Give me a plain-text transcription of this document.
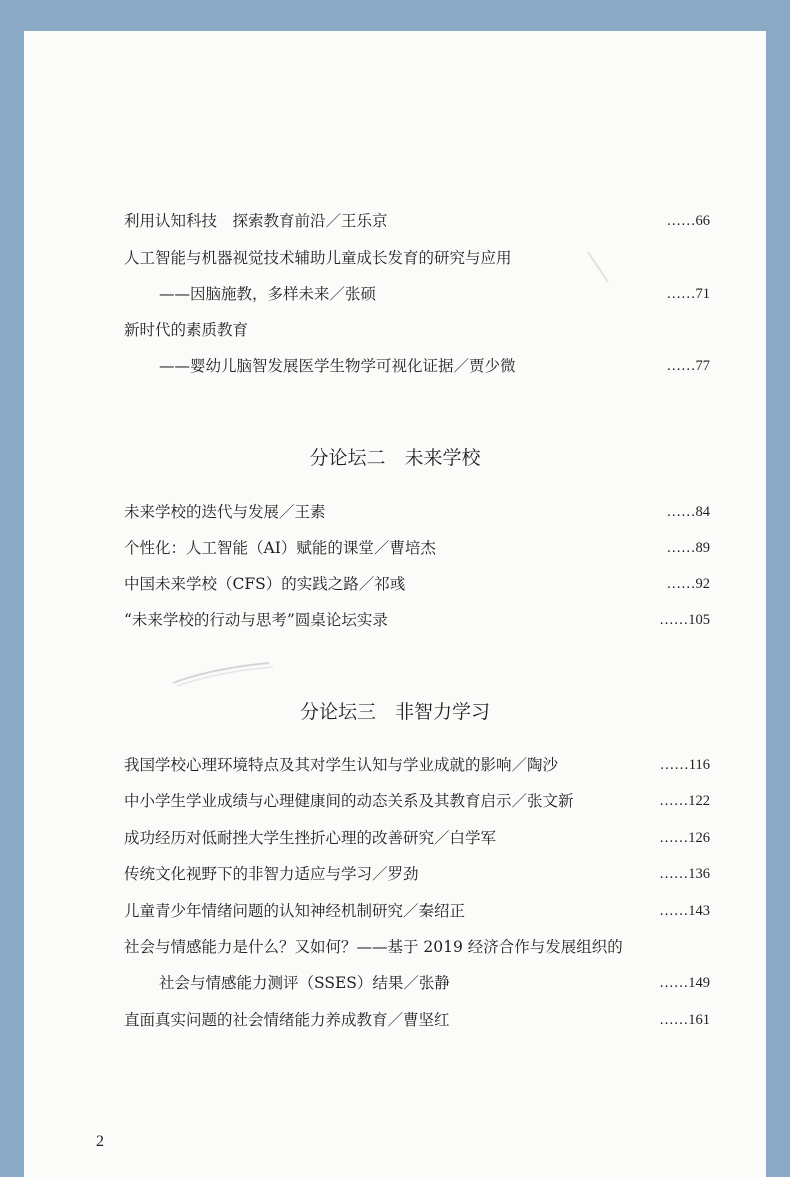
利用认知科技　探索教育前沿／王乐京	……66
人工智能与机器视觉技术辅助儿童成长发育的研究与应用
——因脑施教，多样未来／张硕	……71
新时代的素质教育
——婴幼儿脑智发展医学生物学可视化证据／贾少微	……77
分论坛二　未来学校
未来学校的迭代与发展／王素	……84
个性化：人工智能（AI）赋能的课堂／曹培杰	……89
中国未来学校（CFS）的实践之路／祁彧	……92
“未来学校的行动与思考”圆桌论坛实录	……105
分论坛三　非智力学习
我国学校心理环境特点及其对学生认知与学业成就的影响／陶沙	……116
中小学生学业成绩与心理健康间的动态关系及其教育启示／张文新	……122
成功经历对低耐挫大学生挫折心理的改善研究／白学军	……126
传统文化视野下的非智力适应与学习／罗劲	……136
儿童青少年情绪问题的认知神经机制研究／秦绍正	……143
社会与情感能力是什么？又如何？——基于 2019 经济合作与发展组织的
社会与情感能力测评（SSES）结果／张静	……149
直面真实问题的社会情绪能力养成教育／曹坚红	……161
2
